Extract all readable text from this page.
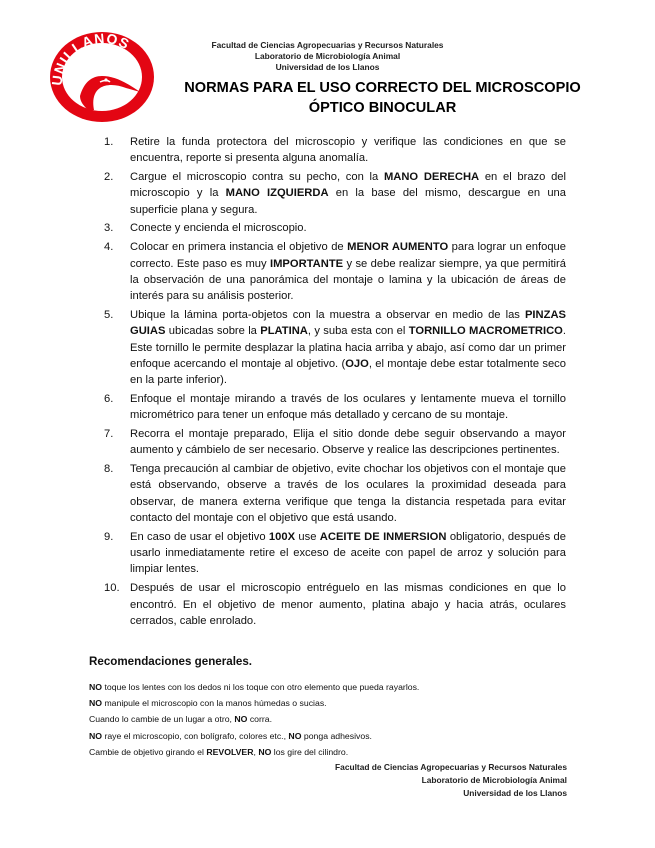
UNILLANOS	Facultad de Ciencias Agropecuarias y Recursos Naturales
Laboratorio de Microbiología Animal
Universidad de los Llanos
NORMAS PARA EL USO CORRECTO DEL MICROSCOPIO
ÓPTICO BINOCULAR
1.	Retire la funda protectora del microscopio y verifique las condiciones en que se encuentra, reporte si presenta alguna anomalía.
2.	Cargue el microscopio contra su pecho, con la MANO DERECHA en el brazo del microscopio y la MANO IZQUIERDA en la base del mismo, descargue en una superficie plana y segura.
3.	Conecte y encienda el microscopio.
4.	Colocar en primera instancia el objetivo de MENOR AUMENTO para lograr un enfoque correcto. Este paso es muy IMPORTANTE y se debe realizar siempre, ya que permitirá la observación de una panorámica del montaje o lamina y la ubicación de áreas de interés para su análisis posterior.
5.	Ubique la lámina porta-objetos con la muestra a observar en medio de las PINZAS GUIAS ubicadas sobre la PLATINA, y suba esta con el TORNILLO MACROMETRICO. Este tornillo le permite desplazar la platina hacia arriba y abajo, así como dar un primer enfoque acercando el montaje al objetivo. (OJO, el montaje debe estar totalmente seco en la parte inferior).
6.	Enfoque el montaje mirando a través de los oculares y lentamente mueva el tornillo micrométrico para tener un enfoque más detallado y cercano de su montaje.
7.	Recorra el montaje preparado, Elija el sitio donde debe seguir observando a mayor aumento y cámbielo de ser necesario. Observe y realice las descripciones pertinentes.
8.	Tenga precaución al cambiar de objetivo, evite chochar los objetivos con el montaje que está observando, observe a través de los oculares la proximidad deseada para observar, de manera externa verifique que tenga la distancia respetada para evitar contacto del montaje con el objetivo que está usando.
9.	En caso de usar el objetivo 100X use ACEITE DE INMERSION obligatorio, después de usarlo inmediatamente retire el exceso de aceite con papel de arroz y solución para limpiar lentes.
10. Después de usar el microscopio entréguelo en las mismas condiciones en que lo encontró. En el objetivo de menor aumento, platina abajo y hacia atrás, oculares cerrados, cable enrolado.
Recomendaciones generales.
NO toque los lentes con los dedos ni los toque con otro elemento que pueda rayarlos.
NO manipule el microscopio con la manos húmedas o sucias.
Cuando lo cambie de un lugar a otro, NO corra.
NO raye el microscopio, con bolígrafo, colores etc., NO ponga adhesivos.
Cambie de objetivo girando el REVOLVER, NO los gire del cilindro.
Facultad de Ciencias Agropecuarias y Recursos Naturales
Laboratorio de Microbiología Animal
Universidad de los Llanos
